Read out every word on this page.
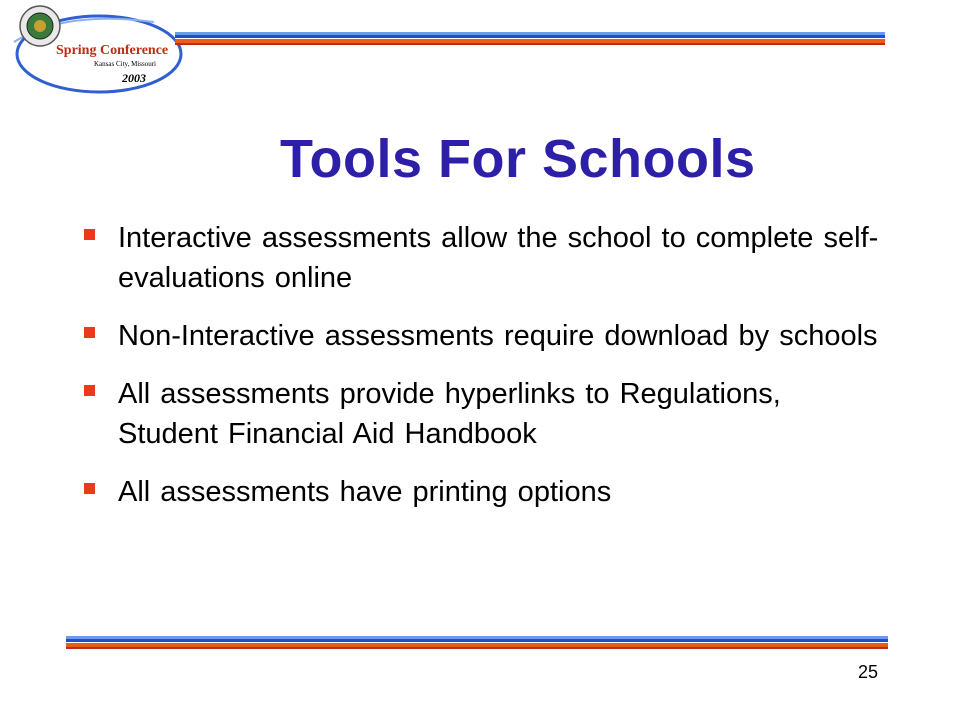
Spring Conference
Kansas City, Missouri
2003
Tools For Schools
Interactive assessments allow the school to complete self-evaluations online
Non-Interactive assessments require download by schools
All assessments provide hyperlinks to Regulations, Student Financial Aid Handbook
All assessments have printing options
25
